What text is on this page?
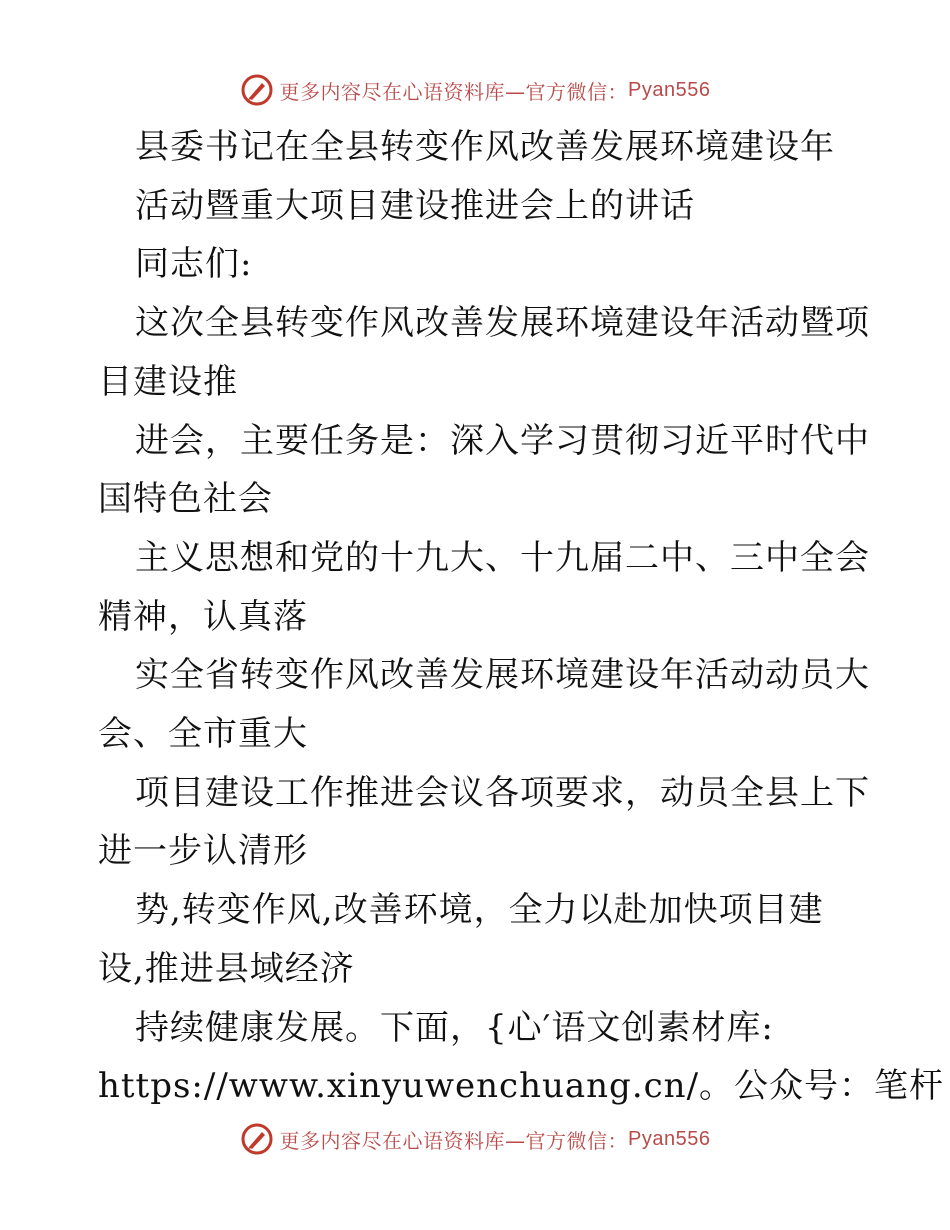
更多内容尽在心语资料库—官方微信： Pyan556
县委书记在全县转变作风改善发展环境建设年
活动暨重大项目建设推进会上的讲话
同志们:
这次全县转变作风改善发展环境建设年活动暨项
目建设推
进会，主要任务是：深入学习贯彻习近平时代中
国特色社会
主义思想和党的十九大、十九届二中、三中全会
精神，认真落
实全省转变作风改善发展环境建设年活动动员大
会、全市重大
项目建设工作推进会议各项要求，动员全县上下
进一步认清形
势,转变作风,改善环境，全力以赴加快项目建
设,推进县域经济
持续健康发展。下面，{心′语文创素材库:
https://www.xinyuwenchuang.cn/。公众号：笔杆
更多内容尽在心语资料库—官方微信： Pyan556
